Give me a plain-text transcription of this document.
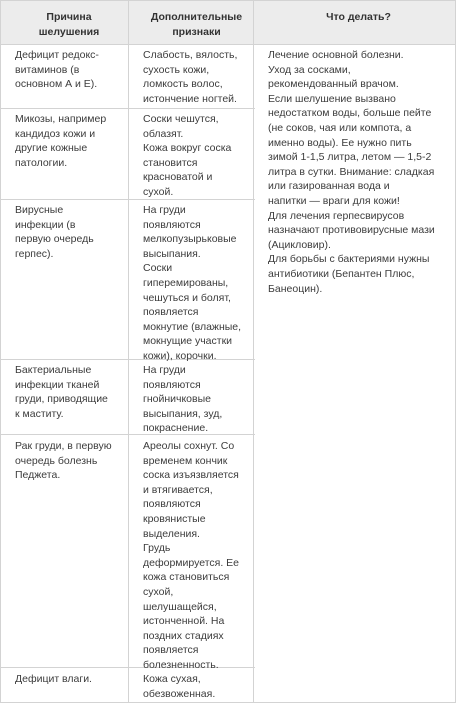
Причина
шелушения
Дополнительные
признаки
Что делать?
Дефицит редокс-
витаминов (в
основном А и Е).
Слабость, вялость,
сухость кожи,
ломкость волос,
истончение ногтей.
Микозы, например
кандидоз кожи и
другие кожные
патологии.
Соски чешутся,
облазят.
Кожа вокруг соска
становится
красноватой и
сухой.
Вирусные
инфекции (в
первую очередь
герпес).
На груди
появляются
мелкопузырьковые
высыпания.
Соски
гиперемированы,
чешуться и болят,
появляется
мокнутие (влажные,
мокнущие участки
кожи), корочки.
Бактериальные
инфекции тканей
груди, приводящие
к маститу.
На груди
появляются
гнойничковые
высыпания, зуд,
покраснение.
Рак груди, в первую
очередь болезнь
Педжета.
Ареолы сохнут. Со
временем кончик
соска изъязвляется
и втягивается,
появляются
кровянистые
выделения.
Грудь
деформируется. Ее
кожа становиться
сухой,
шелушащейся,
истонченной. На
поздних стадиях
появляется
болезненность.
Дефицит влаги.	Кожа сухая,
обезвоженная.
Лечение основной болезни.
Уход за сосками,
рекомендованный врачом.
Если шелушение вызвано
недостатком воды, больше пейте
(не соков, чая или компота, а
именно воды). Ее нужно пить
зимой 1-1,5 литра, летом — 1,5-2
литра в сутки. Внимание: сладкая
или газированная вода и
напитки — враги для кожи!
Для лечения герпесвирусов
назначают противовирусные мази
(Ацикловир).
Для борьбы с бактериями нужны
антибиотики (Бепантен Плюс,
Банеоцин).
